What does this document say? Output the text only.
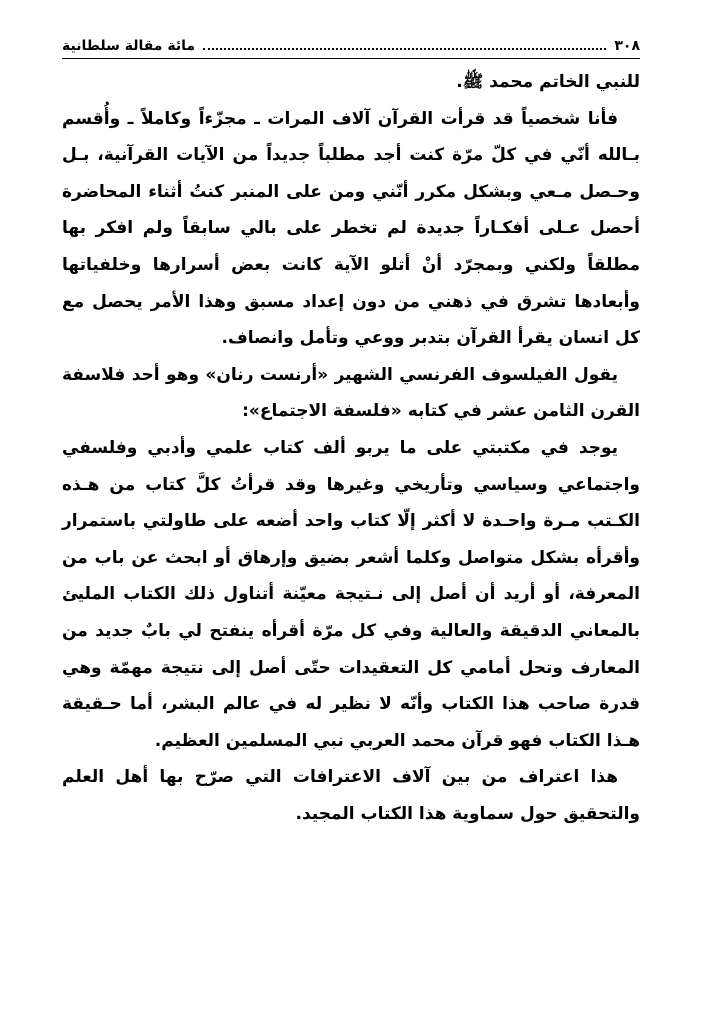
٣٠٨
مائة مقالة سلطانية

للنبي الخاتم محمد ﷺ.

فأنا شخصياً قد قرأت القرآن آلاف المرات ـ مجزّءاً وكاملاً ـ وأُقسم بـالله أنّي في كلّ مرّة كنت أجد مطلباً جديداً من الآيات القرآنية، بـل وحـصل مـعي وبشكل مكرر أنّني ومن على المنبر كنتُ أثناء المحاضرة أحصل عـلى أفكـاراً جديدة لم تخطر على بالي سابقاً ولم افكر بها مطلقاً ولكني وبمجرّد أنْ أتلو الآية كانت بعض أسرارها وخلفياتها وأبعادها تشرق في ذهني من دون إعداد مسبق وهذا الأمر يحصل مع كل انسان يقرأ القرآن بتدبر ووعي وتأمل وانصاف.

يقول الفيلسوف الفرنسي الشهير «أرنست رنان» وهو أحد فلاسفة القرن الثامن عشر في كتابه «فلسفة الاجتماع»:

يوجد في مكتبتي على ما يربو ألف كتاب علمي وأدبي وفلسفي واجتماعي وسياسي وتأريخي وغيرها وقد قرأتُ كلَّ كتاب من هـذه الكـتب مـرة واحـدة لا أكثر إلّا كتاب واحد أضعه على طاولتي باستمرار وأقرأه بشكل متواصل وكلما أشعر بضيق وإرهاق أو ابحث عن باب من المعرفة، أو أريد أن أصل إلى نـتيجة معيّنة أتناول ذلك الكتاب المليئ بالمعاني الدقيقة والعالية وفي كل مرّة أقرأه ينفتح لي بابٌ جديد من المعارف وتحل أمامي كل التعقيدات حتّى أصل إلى نتيجة مهمّة وهي قدرة صاحب هذا الكتاب وأنّه لا نظير له في عالم البشر، أما حـقيقة هـذا الكتاب فهو قرآن محمد العربي نبي المسلمين العظيم.

هذا اعتراف من بين آلاف الاعترافات التي صرّح بها أهل العلم والتحقيق حول سماوية هذا الكتاب المجيد.
